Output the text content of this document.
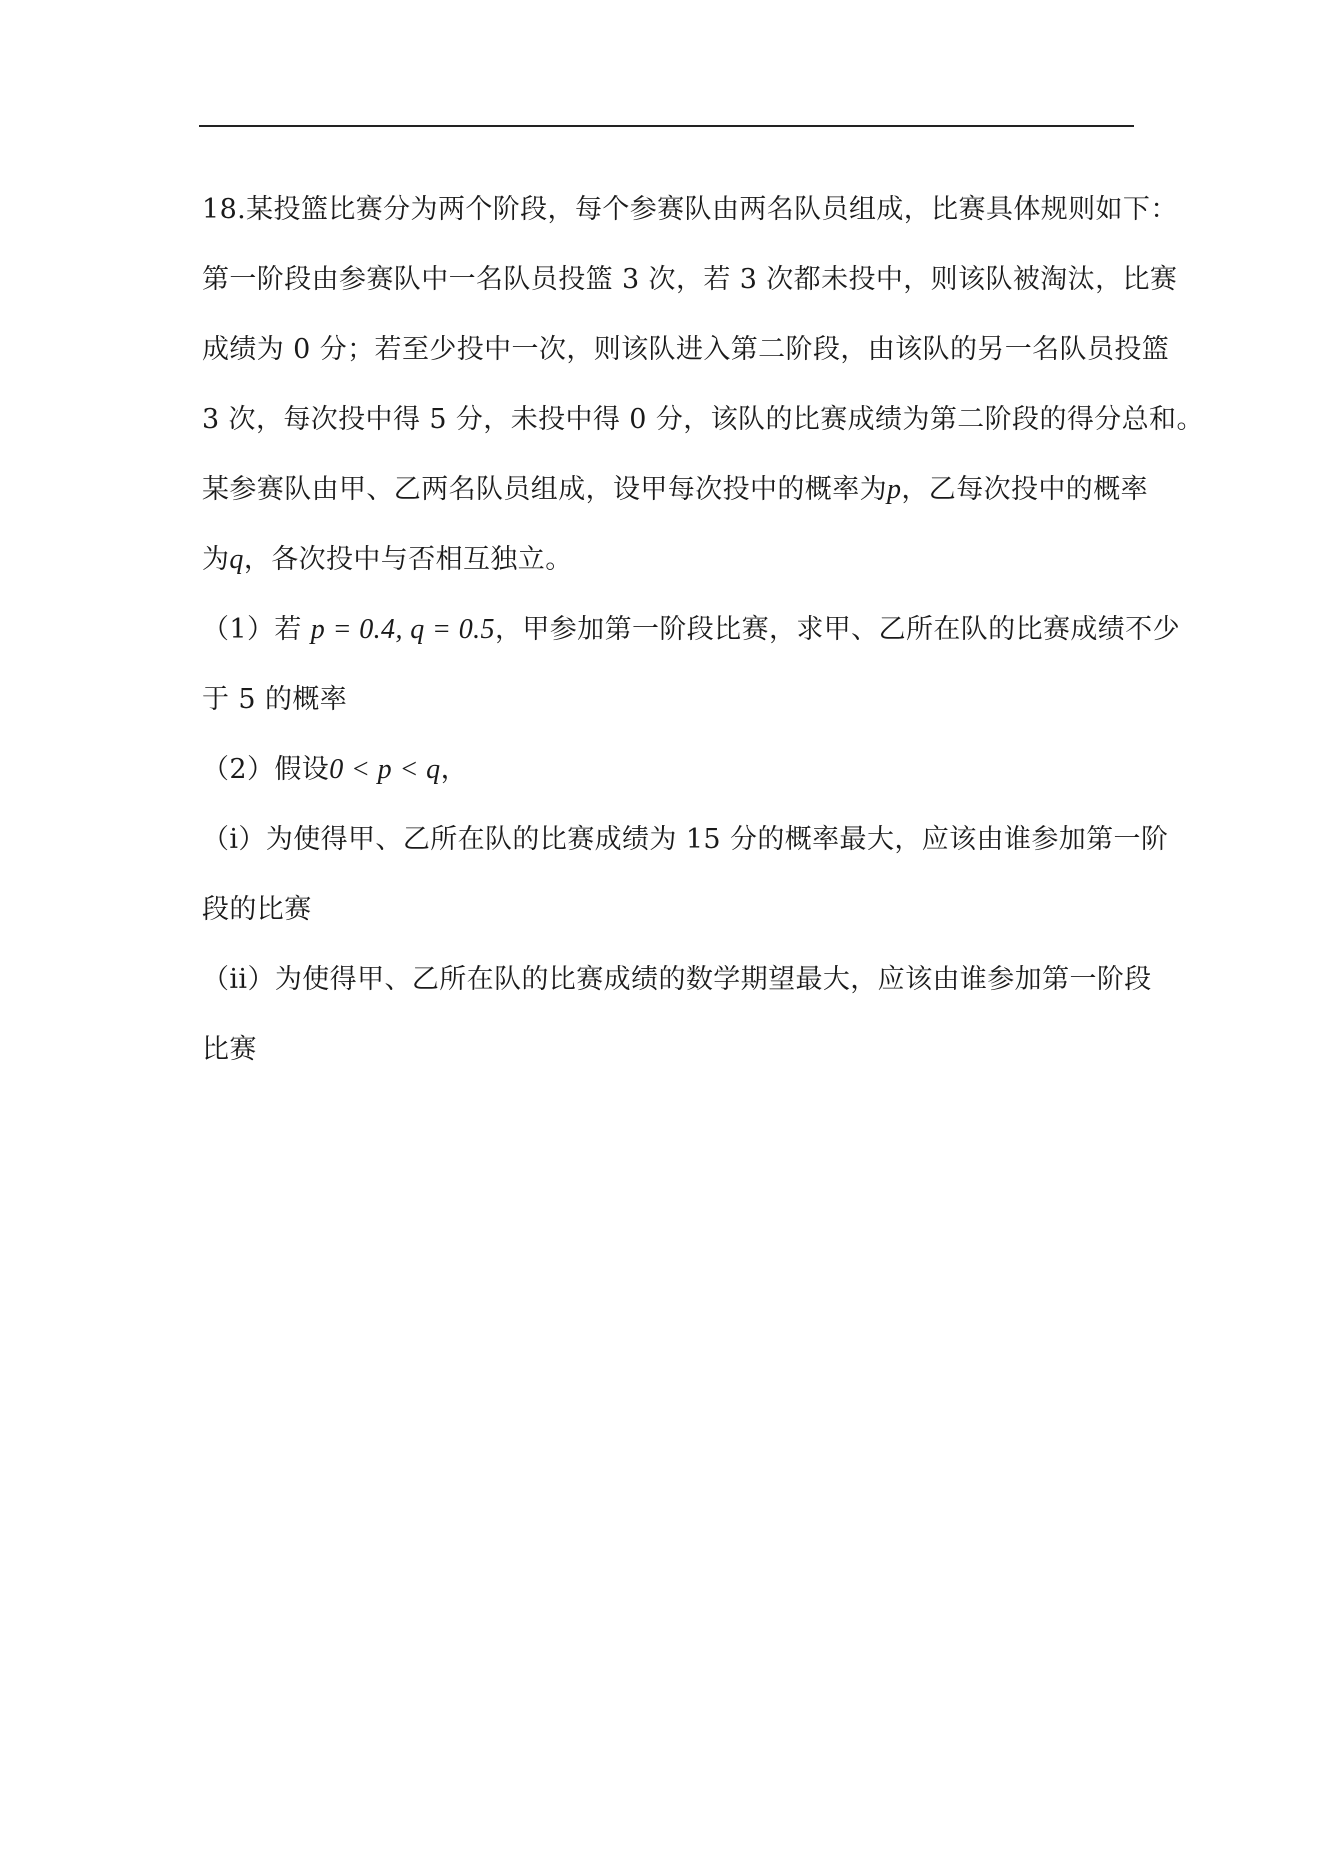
18.某投篮比赛分为两个阶段，每个参赛队由两名队员组成，比赛具体规则如下：
第一阶段由参赛队中一名队员投篮 3 次，若 3 次都未投中，则该队被淘汰，比赛
成绩为 0 分；若至少投中一次，则该队进入第二阶段，由该队的另一名队员投篮
3 次，每次投中得 5 分，未投中得 0 分，该队的比赛成绩为第二阶段的得分总和。
某参赛队由甲、乙两名队员组成，设甲每次投中的概率为p，乙每次投中的概率
为q，各次投中与否相互独立。
（1）若 p = 0.4, q = 0.5，甲参加第一阶段比赛，求甲、乙所在队的比赛成绩不少
于 5 的概率
（2）假设0 < p < q，
（i）为使得甲、乙所在队的比赛成绩为 15 分的概率最大，应该由谁参加第一阶
段的比赛
（ii）为使得甲、乙所在队的比赛成绩的数学期望最大，应该由谁参加第一阶段
比赛
